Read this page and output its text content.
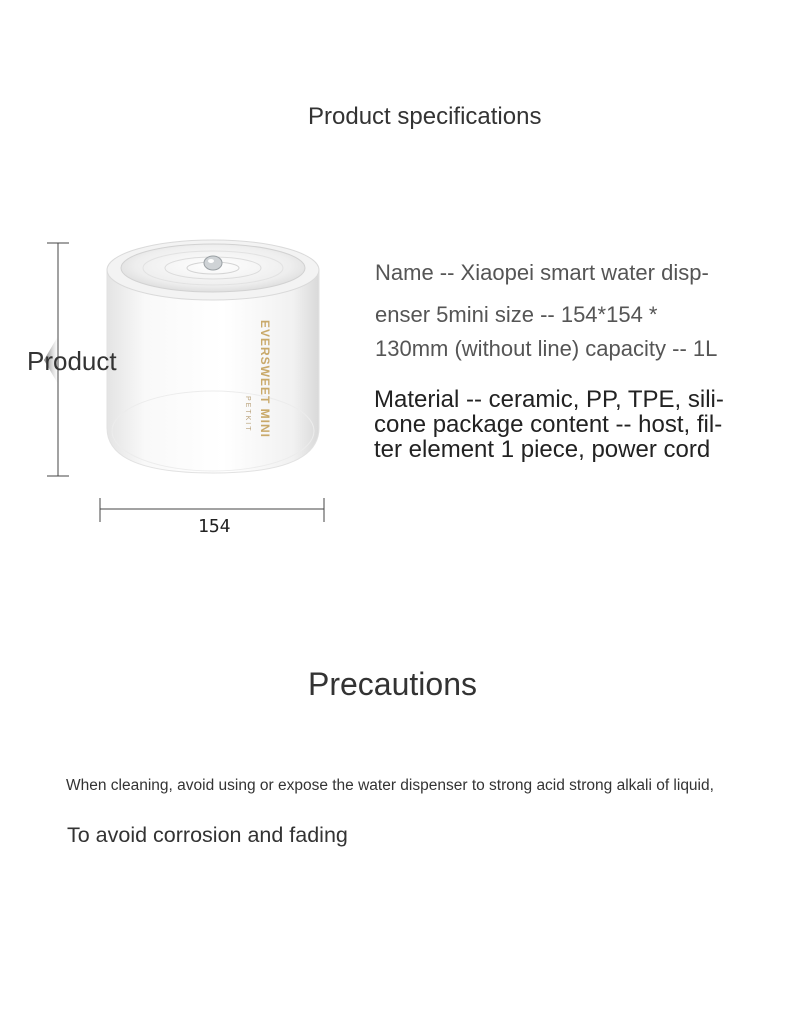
Product specifications
EVERSWEET MINI
PETKIT
Product
154

Name -- Xiaopei smart water disp-

enser 5mini size -- 154*154 *

130mm (without line) capacity -- 1L

Material -- ceramic, PP, TPE, sili-

cone package content -- host, fil-

ter element 1 piece, power cord

Precautions

When cleaning, avoid using or expose the water dispenser to strong acid strong alkali of liquid,

To avoid corrosion and fading
